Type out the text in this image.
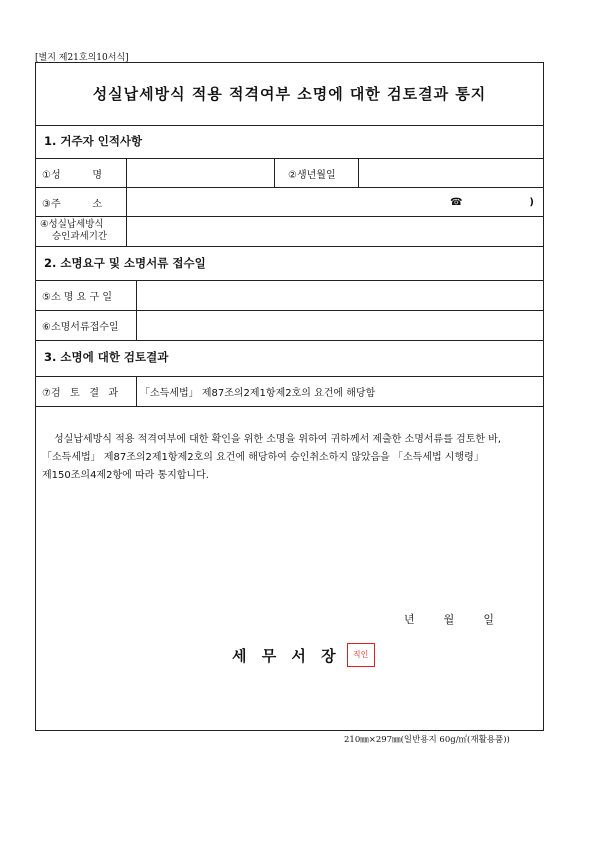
[별지 제21호의10서식]
성실납세방식 적용 적격여부 소명에 대한 검토결과 통지
1. 거주자 인적사항
①성          명	②생년월일
③주          소	☎	)
④성실납세방식
승인과세기간
2. 소명요구 및 소명서류 접수일
⑤소 명 요 구 일
⑥소명서류접수일
3. 소명에 대한 검토결과
⑦검   토   결   과	「소득세법」 제87조의2제1항제2호의 요건에 해당함
성실납세방식 적용 적격여부에 대한 확인을 위한 소명을 위하여 귀하께서 제출한 소명서류를 검토한 바, 「소득세법」 제87조의2제1항제2호의 요건에 해당하여 승인취소하지 않았음을 「소득세법 시행령」 제150조의4제2항에 따라 통지합니다.
년	월	일
세 무 서 장	직인
210㎜×297㎜(일반용지 60g/㎡(재활용품))
